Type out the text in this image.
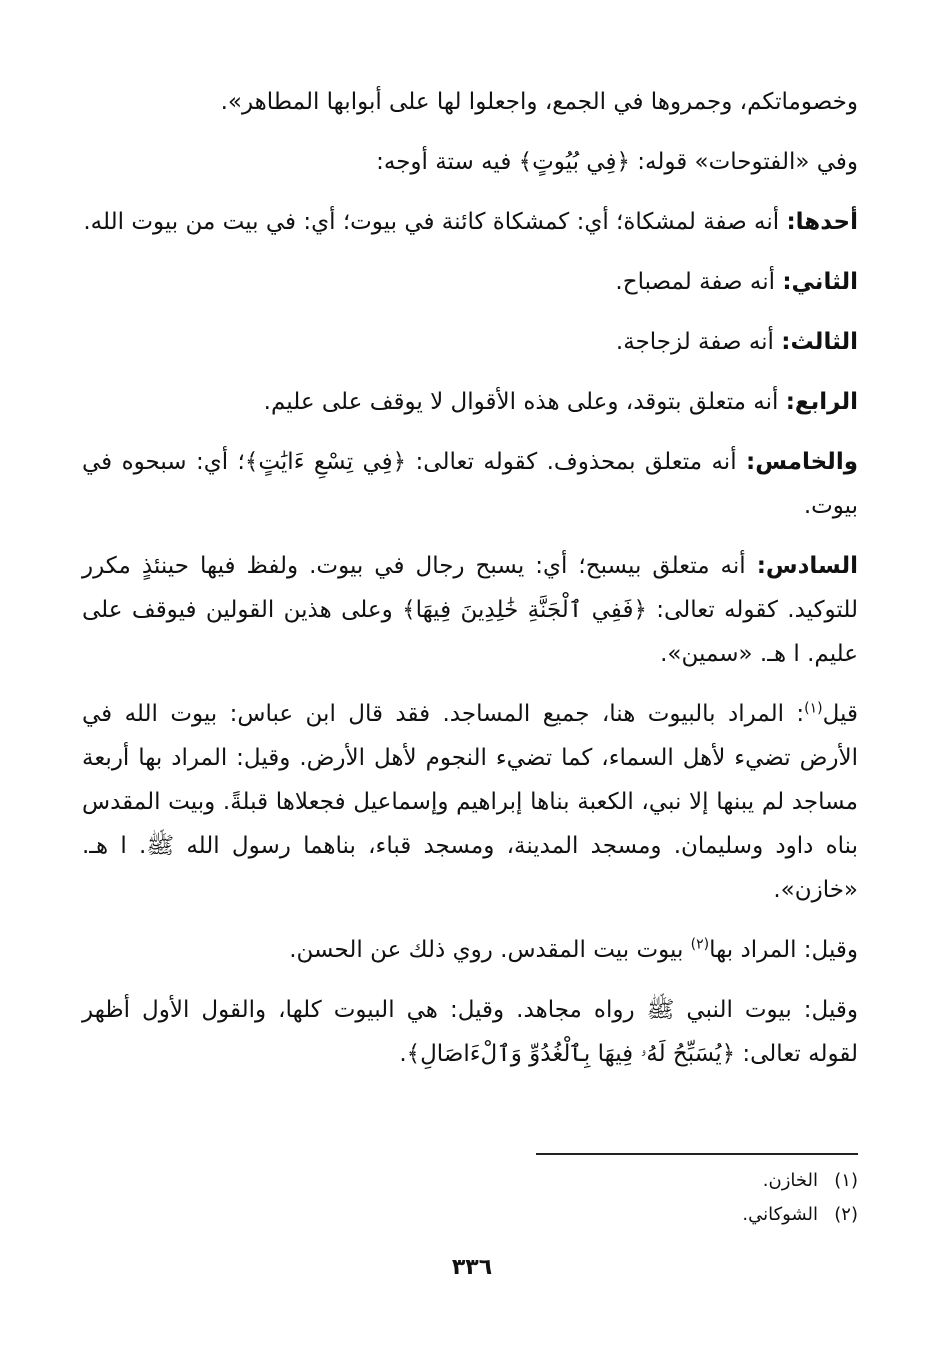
وخصوماتكم، وجمروها في الجمع، واجعلوا لها على أبوابها المطاهر».

وفي «الفتوحات» قوله: ﴿فِي بُيُوتٍ﴾ فيه ستة أوجه:

أحدها: أنه صفة لمشكاة؛ أي: كمشكاة كائنة في بيوت؛ أي: في بيت من بيوت الله.

الثاني: أنه صفة لمصباح.

الثالث: أنه صفة لزجاجة.

الرابع: أنه متعلق بتوقد، وعلى هذه الأقوال لا يوقف على عليم.

والخامس: أنه متعلق بمحذوف. كقوله تعالى: ﴿فِي تِسْعِ ءَايَٰتٍ﴾؛ أي: سبحوه في بيوت.

السادس: أنه متعلق بيسبح؛ أي: يسبح رجال في بيوت. ولفظ فيها حينئذٍ مكرر للتوكيد. كقوله تعالى: ﴿فَفِي ٱلْجَنَّةِ خَٰلِدِينَ فِيهَا﴾ وعلى هذين القولين فيوقف على عليم. ا هـ. «سمين».

قيل$^{(١)}$: المراد بالبيوت هنا، جميع المساجد. فقد قال ابن عباس: بيوت الله في الأرض تضيء لأهل السماء، كما تضيء النجوم لأهل الأرض. وقيل: المراد بها أربعة مساجد لم يبنها إلا نبي، الكعبة بناها إبراهيم وإسماعيل فجعلاها قبلةً. وبيت المقدس بناه داود وسليمان. ومسجد المدينة، ومسجد قباء، بناهما رسول الله ﷺ. ا هـ. «خازن».

وقيل: المراد بها$^{(٢)}$ بيوت بيت المقدس. روي ذلك عن الحسن.

وقيل: بيوت النبي ﷺ رواه مجاهد. وقيل: هي البيوت كلها، والقول الأول أظهر لقوله تعالى: ﴿يُسَبِّحُ لَهُۥ فِيهَا بِٱلْغُدُوِّ وَٱلْءَاصَالِ﴾.

(١)الخازن.

(٢)الشوكاني.

٣٣٦
